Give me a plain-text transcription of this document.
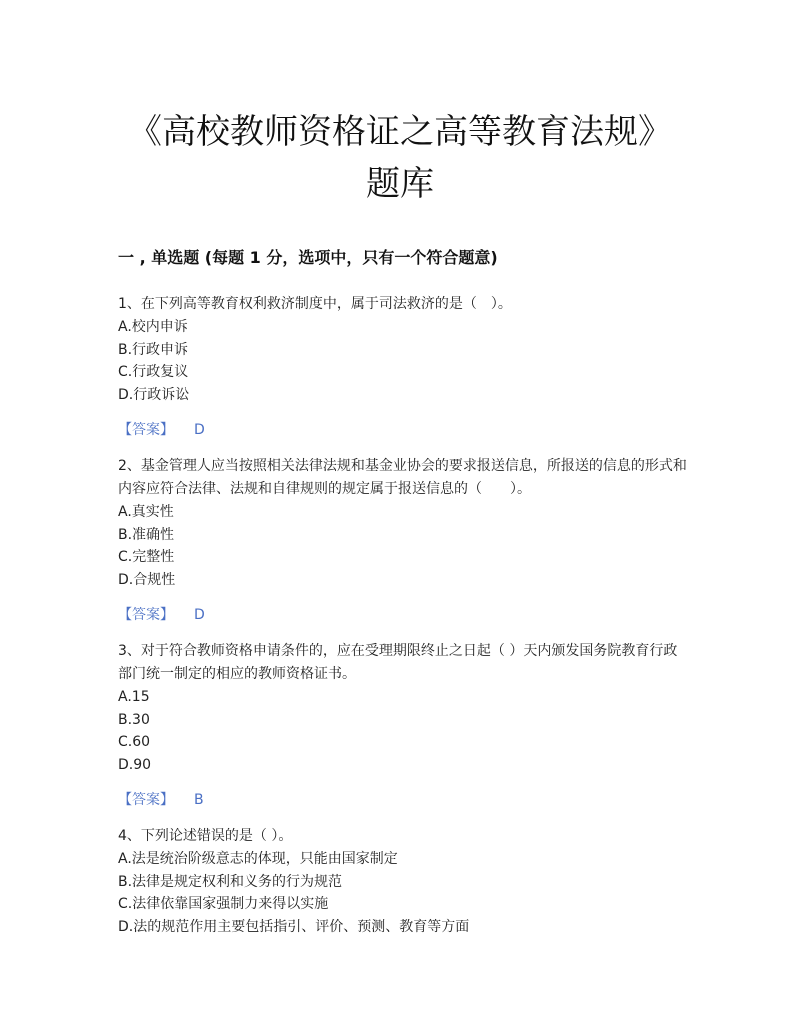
《高校教师资格证之高等教育法规》
题库
一 , 单选题 (每题 1 分，选项中，只有一个符合题意)

1、在下列高等教育权利救济制度中，属于司法救济的是（　）。

A.校内申诉

B.行政申诉

C.行政复议

D.行政诉讼

【答案】 D

2、基金管理人应当按照相关法律法规和基金业协会的要求报送信息，所报送的信息的形式和内容应符合法律、法规和自律规则的规定属于报送信息的（　　）。

A.真实性

B.准确性

C.完整性

D.合规性

【答案】 D

3、对于符合教师资格申请条件的，应在受理期限终止之日起（ ）天内颁发国务院教育行政部门统一制定的相应的教师资格证书。

A.15

B.30

C.60

D.90

【答案】 B

4、下列论述错误的是（ ）。

A.法是统治阶级意志的体现，只能由国家制定

B.法律是规定权利和义务的行为规范

C.法律依靠国家强制力来得以实施

D.法的规范作用主要包括指引、评价、预测、教育等方面
